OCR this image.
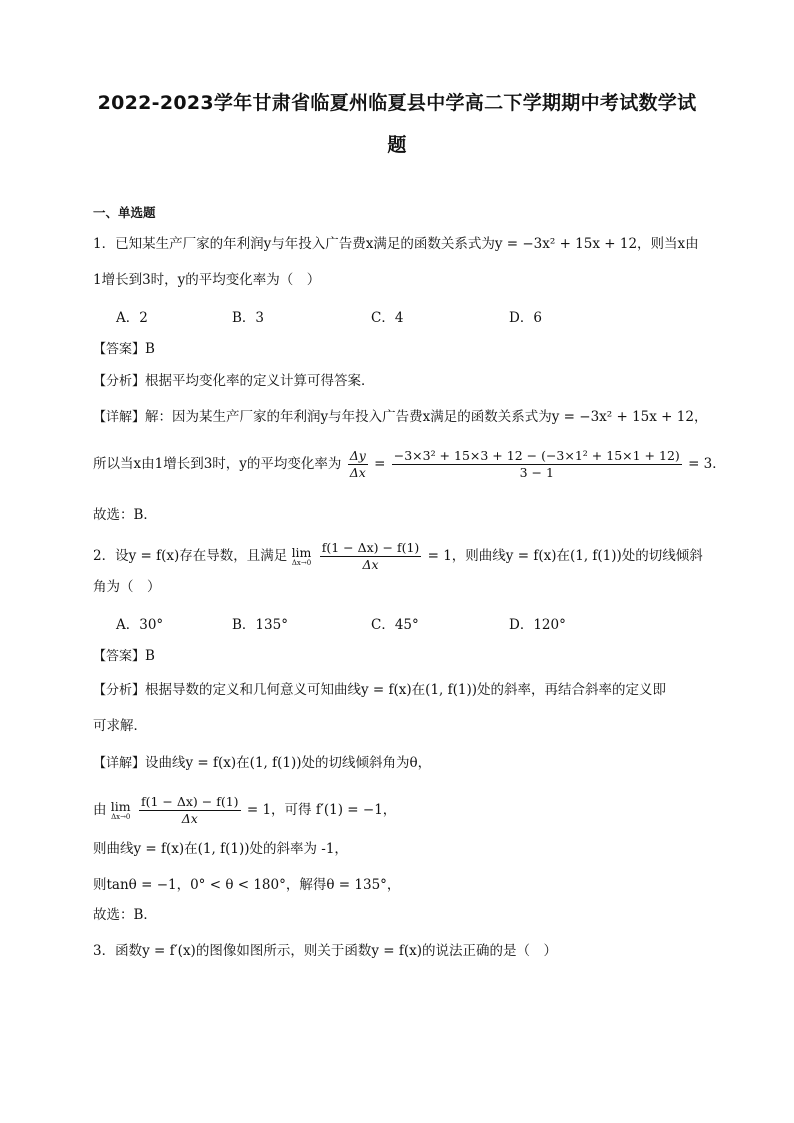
2022-2023学年甘肃省临夏州临夏县中学高二下学期期中考试数学试
题
一、单选题
1．已知某生产厂家的年利润y与年投入广告费x满足的函数关系式为y = −3x² + 15x + 12，则当x由
1增长到3时，y的平均变化率为（　）
A．2	B．3	C．4	D．6
【答案】B
【分析】根据平均变化率的定义计算可得答案．
【详解】解：因为某生产厂家的年利润y与年投入广告费x满足的函数关系式为y = −3x² + 15x + 12，
所以当x由1增长到3时，y的平均变化率为 $\frac{\Delta y}{\Delta x} = \frac{\text{−3×3² + 15×3 + 12 − (−3×1² + 15×1 + 12)}}{3 - 1} = 3$．
故选：B．
2．设y = f(x)存在导数，且满足 lim
Δx→0
$\frac{f(1 - \Delta x) - f(1)}{\Delta x} = 1$，则曲线y = f(x)在(1, f(1))处的切线倾斜
角为（　）
A．30°	B．135°	C．45°	D．120°
【答案】B
【分析】根据导数的定义和几何意义可知曲线y = f(x)在(1, f(1))处的斜率，再结合斜率的定义即
可求解．
【详解】设曲线y = f(x)在(1, f(1))处的切线倾斜角为θ，
由 lim
Δx→0
$\frac{f(1 - \Delta x) - f(1)}{\Delta x} = 1$，可得 f′(1) = −1，
则曲线y = f(x)在(1, f(1))处的斜率为 -1，
则tanθ = −1，0° < θ < 180°，解得θ = 135°，
故选：B．
3．函数y = f′(x)的图像如图所示，则关于函数y = f(x)的说法正确的是（　）
